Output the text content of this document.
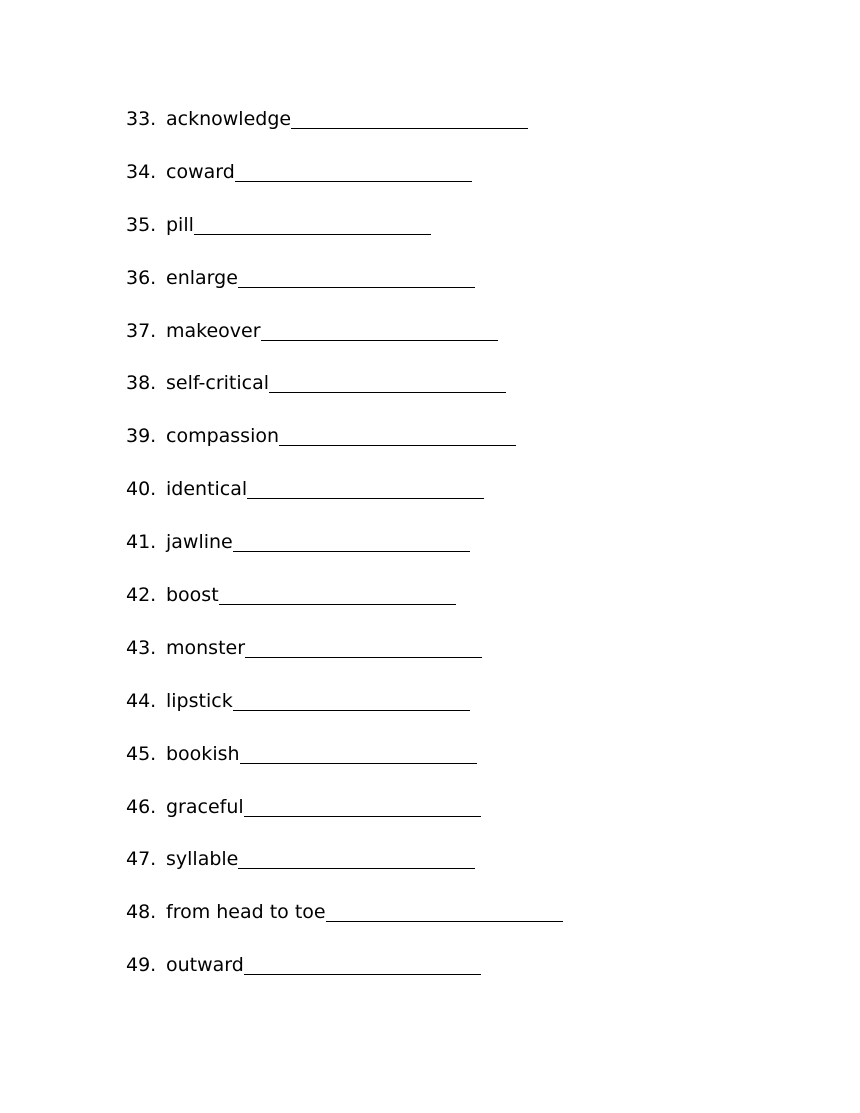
33. acknowledge
34. coward
35. pill
36. enlarge
37. makeover
38. self-critical
39. compassion
40. identical
41. jawline
42. boost
43. monster
44. lipstick
45. bookish
46. graceful
47. syllable
48. from head to toe
49. outward
